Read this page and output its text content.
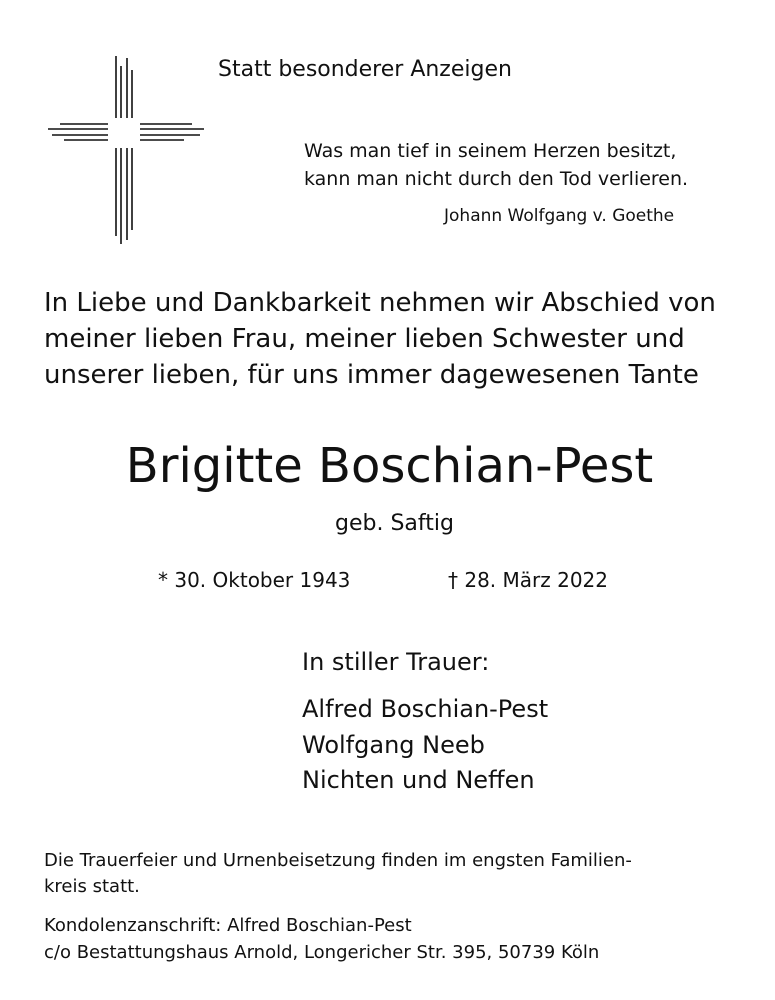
Statt besonderer Anzeigen
Was man tief in seinem Herzen besitzt,
kann man nicht durch den Tod verlieren.
Johann Wolfgang v. Goethe
In Liebe und Dankbarkeit nehmen wir Abschied von
meiner lieben Frau, meiner lieben Schwester und
unserer lieben, für uns immer dagewesenen Tante
Brigitte Boschian-Pest
geb. Saftig
* 30. Oktober 1943	† 28. März 2022
In stiller Trauer:
Alfred Boschian-Pest
Wolfgang Neeb
Nichten und Neffen
Die Trauerfeier und Urnenbeisetzung finden im engsten Familien-
kreis statt.
Kondolenzanschrift: Alfred Boschian-Pest
c/o Bestattungshaus Arnold, Longericher Str. 395, 50739 Köln
